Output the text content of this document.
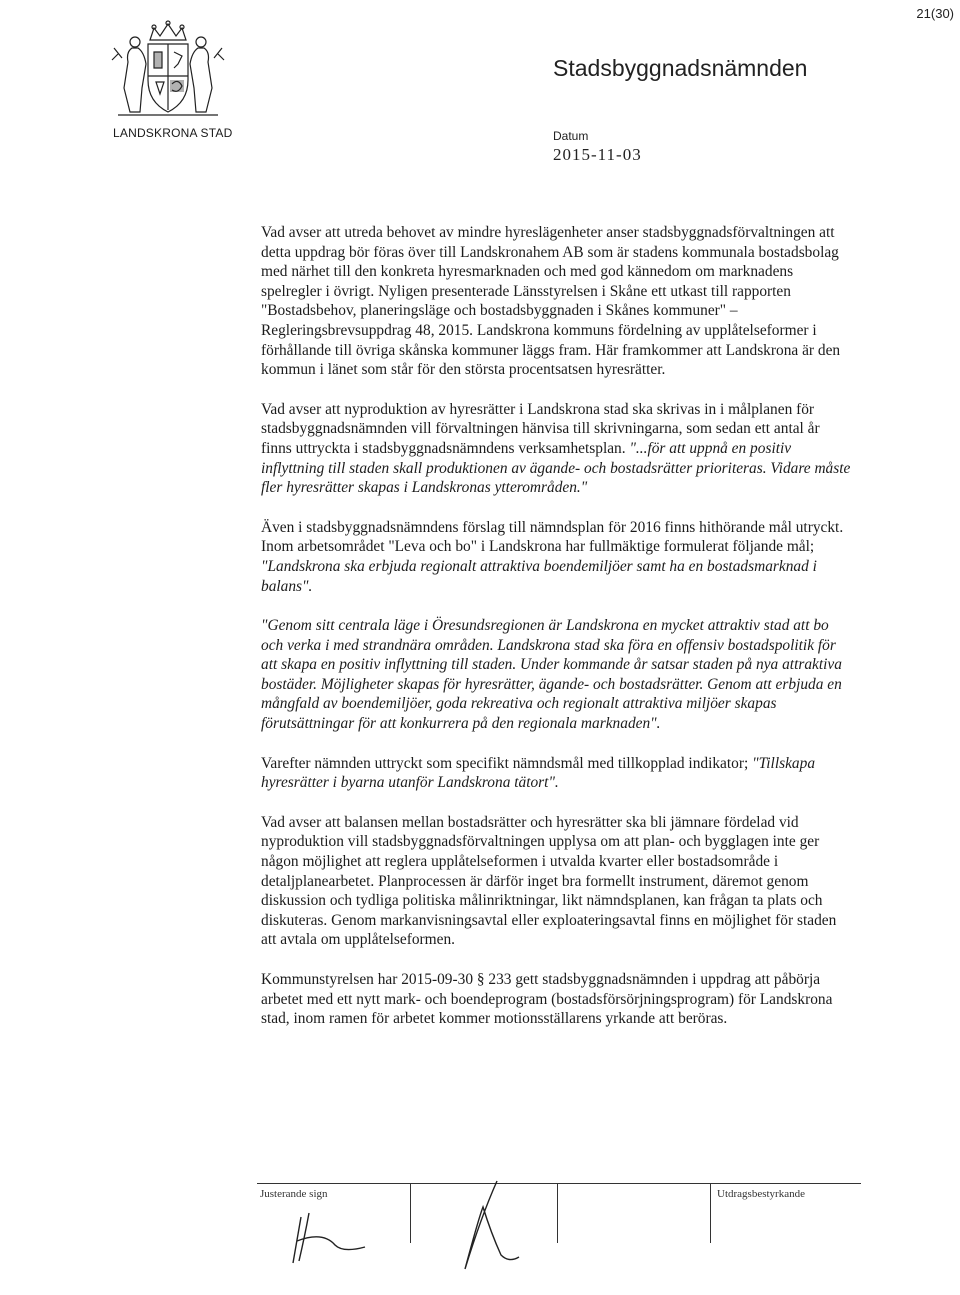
21(30)
LANDSKRONA STAD
Stadsbyggnadsnämnden
Datum
2015-11-03

Vad avser att utreda behovet av mindre hyreslägenheter anser stadsbyggnadsförvaltningen att detta uppdrag bör föras över till Landskronahem AB som är stadens kommunala bostadsbolag med närhet till den konkreta hyresmarknaden och med god kännedom om marknadens spelregler i övrigt. Nyligen presenterade Länsstyrelsen i Skåne ett utkast till rapporten "Bostadsbehov, planeringsläge och bostadsbyggnaden i Skånes kommuner" – Regleringsbrevsuppdrag 48, 2015. Landskrona kommuns fördelning av upplåtelseformer i förhållande till övriga skånska kommuner läggs fram. Här framkommer att Landskrona är den kommun i länet som står för den största procentsatsen hyresrätter.

Vad avser att nyproduktion av hyresrätter i Landskrona stad ska skrivas in i målplanen för stadsbyggnadsnämnden vill förvaltningen hänvisa till skrivningarna, som sedan ett antal år finns uttryckta i stadsbyggnadsnämndens verksamhetsplan. "...för att uppnå en positiv inflyttning till staden skall produktionen av ägande- och bostadsrätter prioriteras. Vidare måste fler hyresrätter skapas i Landskronas ytterområden."

Även i stadsbyggnadsnämndens förslag till nämndsplan för 2016 finns hithörande mål utryckt. Inom arbetsområdet "Leva och bo" i Landskrona har fullmäktige formulerat följande mål; "Landskrona ska erbjuda regionalt attraktiva boendemiljöer samt ha en bostadsmarknad i balans".

"Genom sitt centrala läge i Öresundsregionen är Landskrona en mycket attraktiv stad att bo och verka i med strandnära områden. Landskrona stad ska föra en offensiv bostadspolitik för att skapa en positiv inflyttning till staden. Under kommande år satsar staden på nya attraktiva bostäder. Möjligheter skapas för hyresrätter, ägande- och bostadsrätter. Genom att erbjuda en mångfald av boendemiljöer, goda rekreativa och regionalt attraktiva miljöer skapas förutsättningar för att konkurrera på den regionala marknaden".

Varefter nämnden uttryckt som specifikt nämndsmål med tillkopplad indikator; "Tillskapa hyresrätter i byarna utanför Landskrona tätort".

Vad avser att balansen mellan bostadsrätter och hyresrätter ska bli jämnare fördelad vid nyproduktion vill stadsbyggnadsförvaltningen upplysa om att plan- och bygglagen inte ger någon möjlighet att reglera upplåtelseformen i utvalda kvarter eller bostadsområde i detaljplanearbetet. Planprocessen är därför inget bra formellt instrument, däremot genom diskussion och tydliga politiska målinriktningar, likt nämndsplanen, kan frågan ta plats och diskuteras. Genom markanvisningsavtal eller exploateringsavtal finns en möjlighet för staden att avtala om upplåtelseformen.

Kommunstyrelsen har 2015-09-30 § 233 gett stadsbyggnadsnämnden i uppdrag att påbörja arbetet med ett nytt mark- och boendeprogram (bostadsförsörjningsprogram) för Landskrona stad, inom ramen för arbetet kommer motionsställarens yrkande att beröras.

Justerande sign	Utdragsbestyrkande
